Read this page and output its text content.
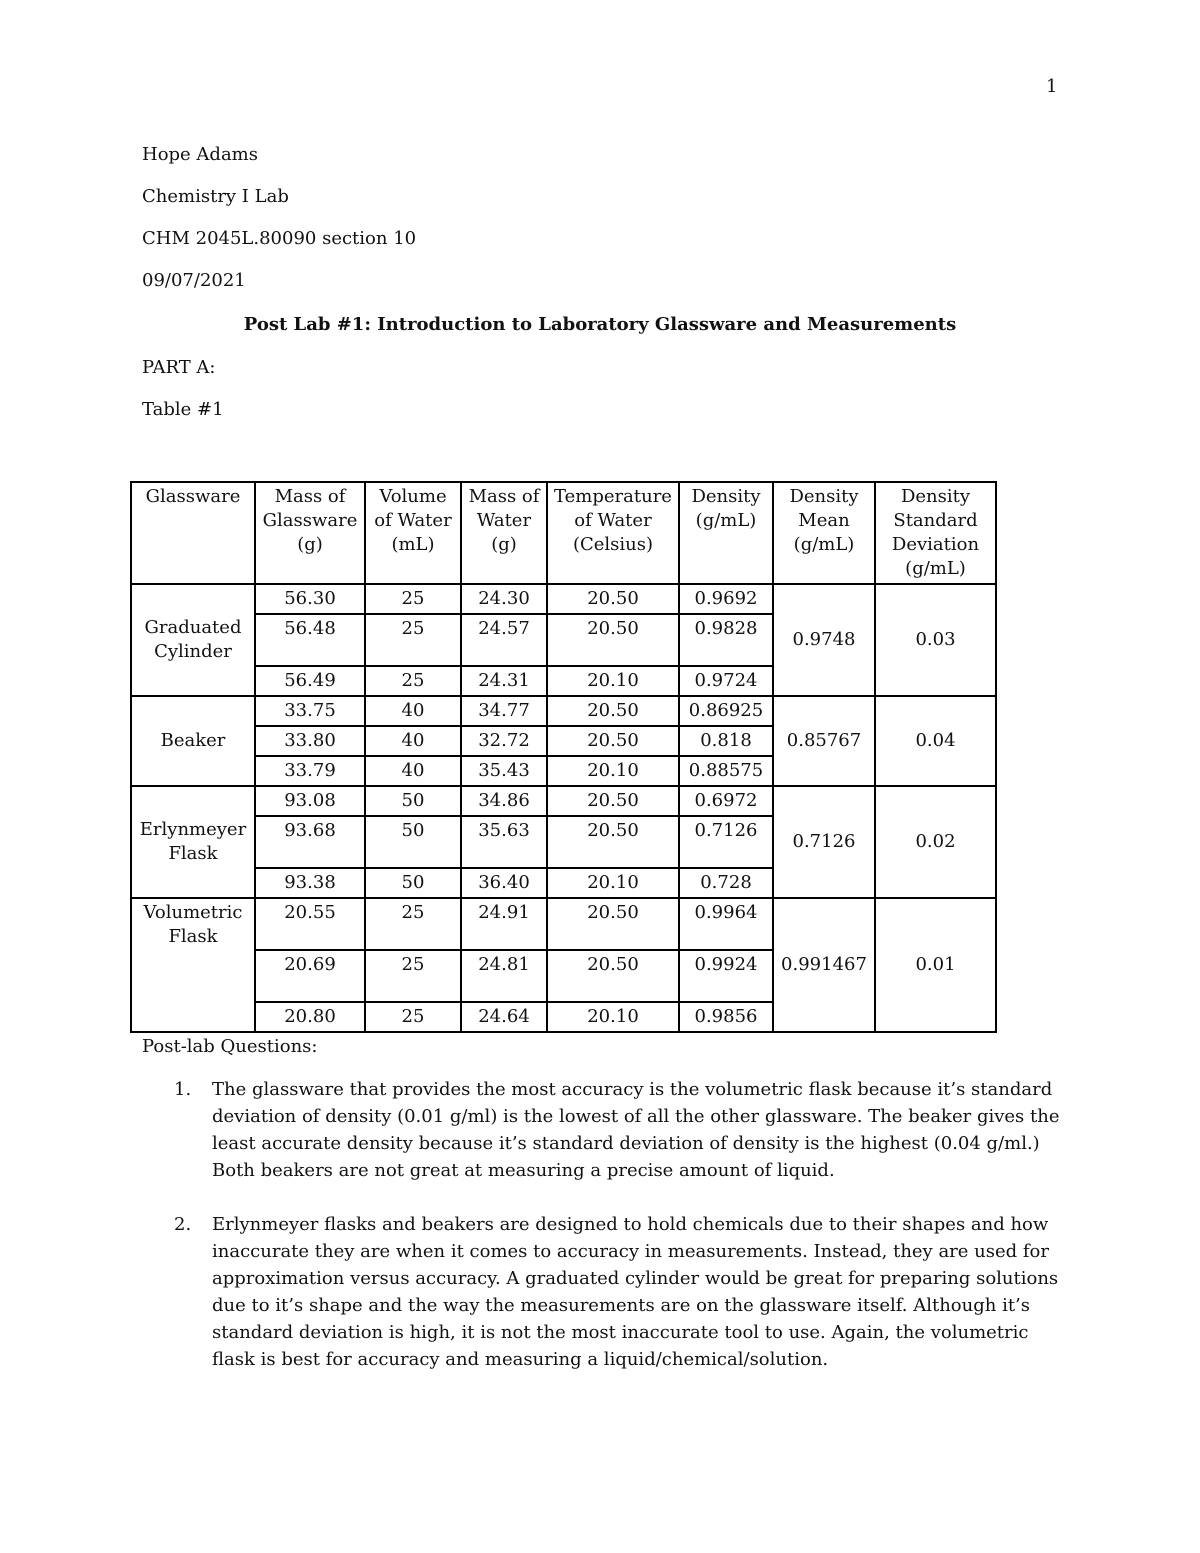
1
Hope Adams
Chemistry I Lab
CHM 2045L.80090 section 10
09/07/2021
Post Lab #1: Introduction to Laboratory Glassware and Measurements
PART A:
Table #1
Glassware	Mass of Glassware (g)	Volume of Water (mL)	Mass of Water (g)	Temperature of Water (Celsius)	Density (g/mL)	Density Mean (g/mL)	Density Standard Deviation (g/mL)
Graduated Cylinder	56.30	25	24.30	20.50	0.9692	0.9748	0.03
	56.48	25	24.57	20.50	0.9828		
	56.49	25	24.31	20.10	0.9724		
Beaker	33.75	40	34.77	20.50	0.86925	0.85767	0.04
	33.80	40	32.72	20.50	0.818		
	33.79	40	35.43	20.10	0.88575		
Erlynmeyer Flask	93.08	50	34.86	20.50	0.6972	0.7126	0.02
	93.68	50	35.63	20.50	0.7126		
	93.38	50	36.40	20.10	0.728		
Volumetric Flask	20.55	25	24.91	20.50	0.9964	0.991467	0.01
	20.69	25	24.81	20.50	0.9924		
	20.80	25	24.64	20.10	0.9856		
Post-lab Questions:
1. The glassware that provides the most accuracy is the volumetric flask because it’s standard deviation of density (0.01 g/ml) is the lowest of all the other glassware. The beaker gives the least accurate density because it’s standard deviation of density is the highest (0.04 g/ml.) Both beakers are not great at measuring a precise amount of liquid.
2. Erlynmeyer flasks and beakers are designed to hold chemicals due to their shapes and how inaccurate they are when it comes to accuracy in measurements. Instead, they are used for approximation versus accuracy. A graduated cylinder would be great for preparing solutions due to it’s shape and the way the measurements are on the glassware itself. Although it’s standard deviation is high, it is not the most inaccurate tool to use. Again, the volumetric flask is best for accuracy and measuring a liquid/chemical/solution.
